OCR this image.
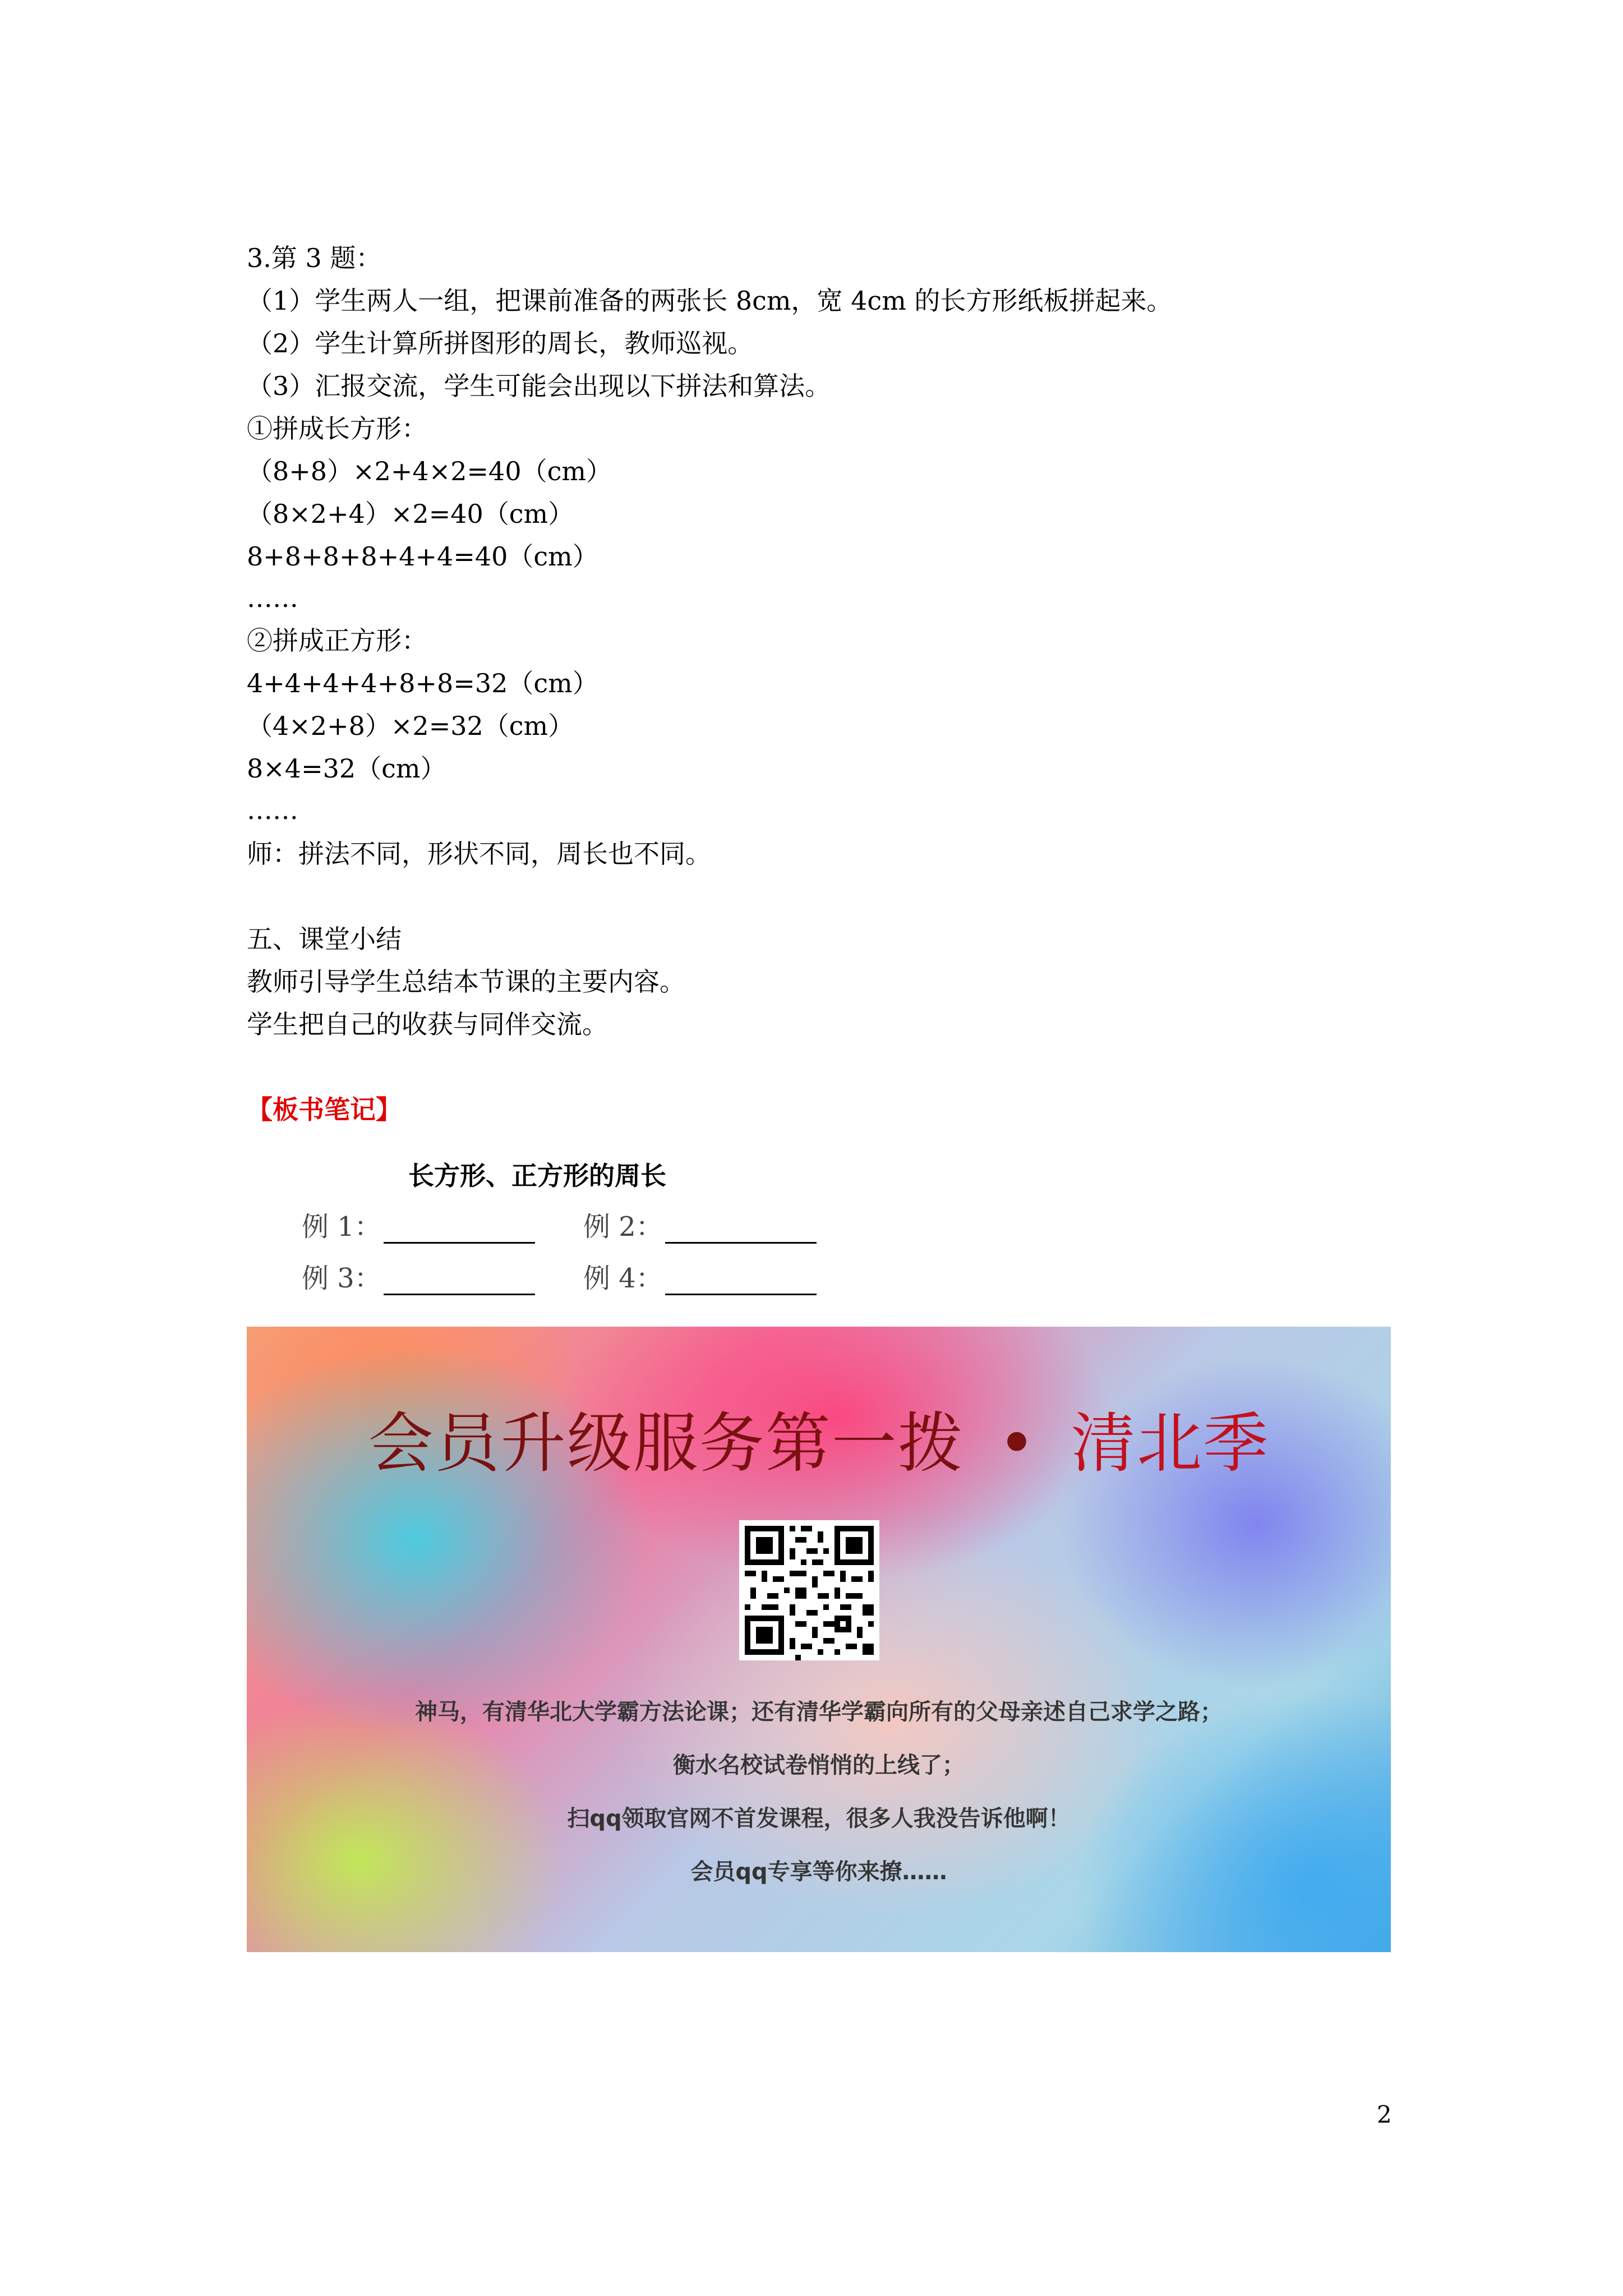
3.第 3 题：
（1）学生两人一组，把课前准备的两张长 8cm，宽 4cm 的长方形纸板拼起来。
（2）学生计算所拼图形的周长，教师巡视。
（3）汇报交流，学生可能会出现以下拼法和算法。
①拼成长方形：
（8+8）×2+4×2=40（cm）
（8×2+4）×2=40（cm）
8+8+8+8+4+4=40（cm）
……
②拼成正方形：
4+4+4+4+8+8=32（cm）
（4×2+8）×2=32（cm）
8×4=32（cm）
……
师：拼法不同，形状不同，周长也不同。
五、课堂小结
教师引导学生总结本节课的主要内容。
学生把自己的收获与同伴交流。
【板书笔记】
长方形、正方形的周长
例 1：	例 2：
例 3：	例 4：
会员升级服务第一拨 • 清北季
神马，有清华北大学霸方法论课；还有清华学霸向所有的父母亲述自己求学之路；
衡水名校试卷悄悄的上线了；
扫qq领取官网不首发课程，很多人我没告诉他啊！
会员qq专享等你来撩……
2
